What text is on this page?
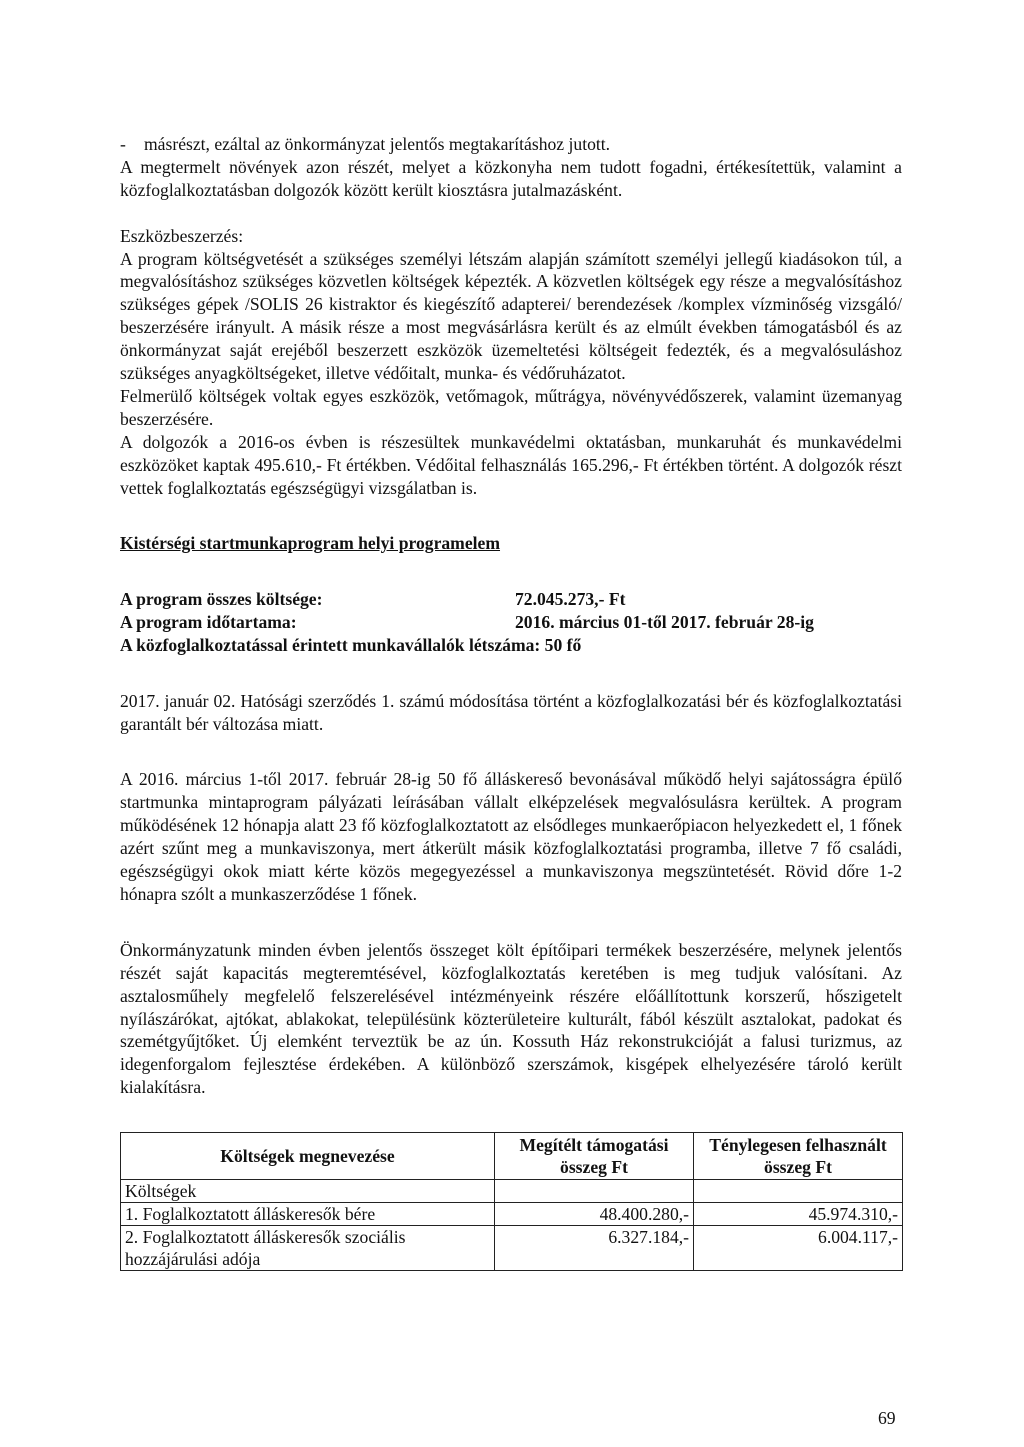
- másrészt, ezáltal az önkormányzat jelentős megtakarításhoz jutott.

A megtermelt növények azon részét, melyet a közkonyha nem tudott fogadni, értékesítettük, valamint a közfoglalkoztatásban dolgozók között került kiosztásra jutalmazásként.

Eszközbeszerzés:

A program költségvetését a szükséges személyi létszám alapján számított személyi jellegű kiadásokon túl, a megvalósításhoz szükséges közvetlen költségek képezték. A közvetlen költségek egy része a megvalósításhoz szükséges gépek /SOLIS 26 kistraktor és kiegészítő adapterei/ berendezések /komplex vízminőség vizsgáló/ beszerzésére irányult. A másik része a most megvásárlásra került és az elmúlt években támogatásból és az önkormányzat saját erejéből beszerzett eszközök üzemeltetési költségeit fedezték, és a megvalósuláshoz szükséges anyagköltségeket, illetve védőitalt, munka- és védőruházatot.

Felmerülő költségek voltak egyes eszközök, vetőmagok, műtrágya, növényvédőszerek, valamint üzemanyag beszerzésére.

A dolgozók a 2016-os évben is részesültek munkavédelmi oktatásban, munkaruhát és munkavédelmi eszközöket kaptak 495.610,- Ft értékben. Védőital felhasználás 165.296,- Ft értékben történt. A dolgozók részt vettek foglalkoztatás egészségügyi vizsgálatban is.

Kistérségi startmunkaprogram helyi programelem

A program összes költsége:	72.045.273,- Ft
A program időtartama:	2016. március 01-től 2017. február 28-ig
A közfoglalkoztatással érintett munkavállalók létszáma: 50 fő

2017. január 02. Hatósági szerződés 1. számú módosítása történt a közfoglalkozatási bér és közfoglalkoztatási garantált bér változása miatt.

A 2016. március 1-től 2017. február 28-ig 50 fő álláskereső bevonásával működő helyi sajátosságra épülő startmunka mintaprogram pályázati leírásában vállalt elképzelések megvalósulásra kerültek. A program működésének 12 hónapja alatt 23 fő közfoglalkoztatott az elsődleges munkaerőpiacon helyezkedett el, 1 főnek azért szűnt meg a munkaviszonya, mert átkerült másik közfoglalkoztatási programba, illetve 7 fő családi, egészségügyi okok miatt kérte közös megegyezéssel a munkaviszonya megszüntetését. Rövid dőre 1-2 hónapra szólt a munkaszerződése 1 főnek.

Önkormányzatunk minden évben jelentős összeget költ építőipari termékek beszerzésére, melynek jelentős részét saját kapacitás megteremtésével, közfoglalkoztatás keretében is meg tudjuk valósítani. Az asztalosműhely megfelelő felszerelésével intézményeink részére előállítottunk korszerű, hőszigetelt nyílászárókat, ajtókat, ablakokat, településünk közterületeire kulturált, fából készült asztalokat, padokat és szemétgyűjtőket. Új elemként terveztük be az ún. Kossuth Ház rekonstrukcióját a falusi turizmus, az idegenforgalom fejlesztése érdekében. A különböző szerszámok, kisgépek elhelyezésére tároló került kialakításra.

Költségek megnevezése	Megítélt támogatási összeg Ft	Ténylegesen felhasznált összeg Ft
Költségek		
1. Foglalkoztatott álláskeresők bére	48.400.280,-	45.974.310,-
2. Foglalkoztatott álláskeresők szociális hozzájárulási adója	6.327.184,-	6.004.117,-
69
